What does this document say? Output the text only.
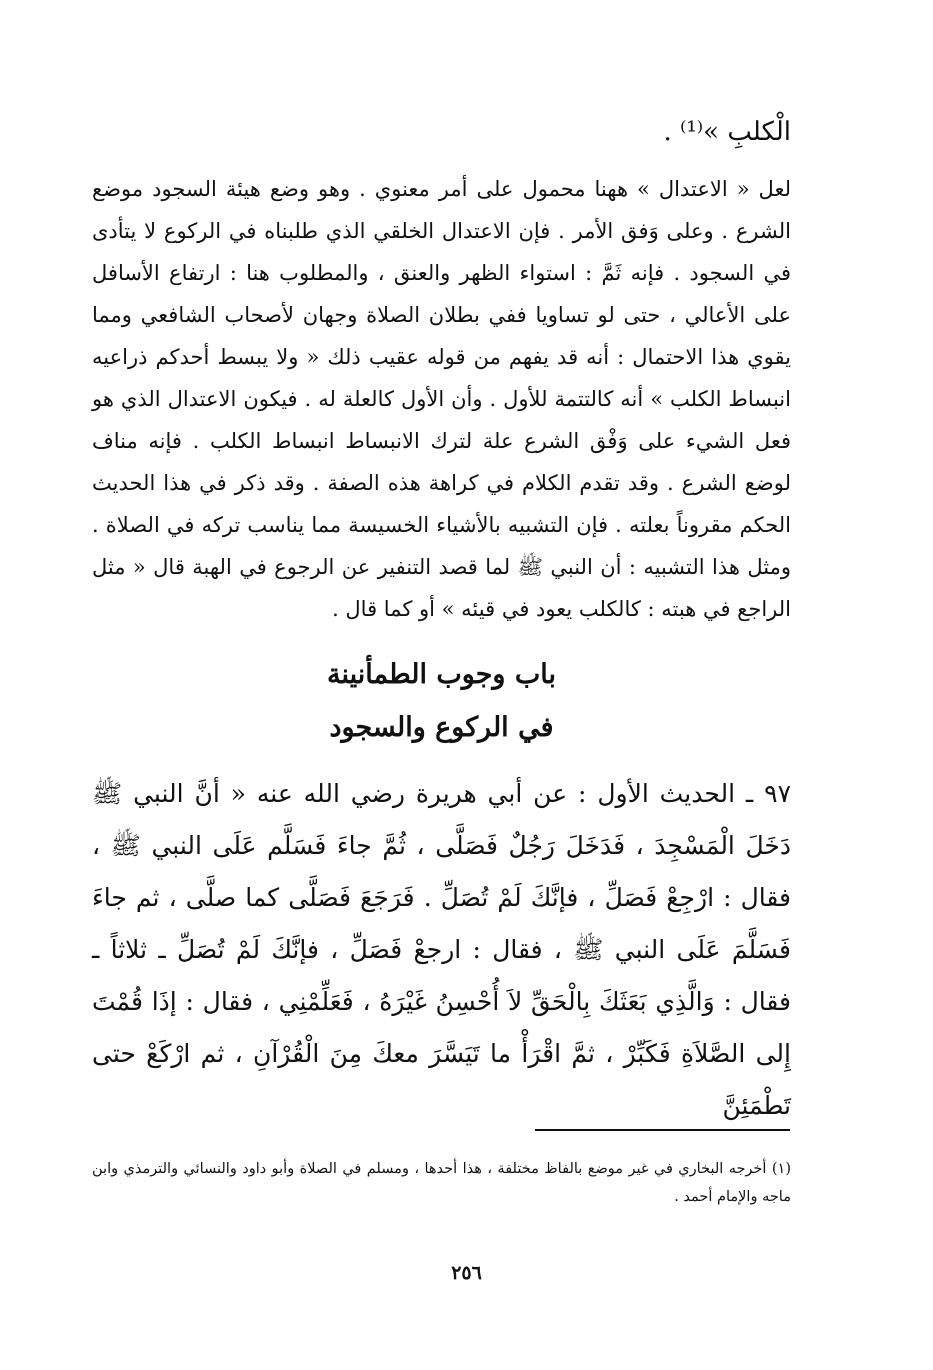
الْكلبِ »⁽¹⁾ .

لعل « الاعتدال » ههنا محمول على أمر معنوي . وهو وضع هيئة السجود موضع الشرع . وعلى وَفق الأمر . فإن الاعتدال الخلقي الذي طلبناه في الركوع لا يتأدى في السجود . فإنه ثَمَّ : استواء الظهر والعنق ، والمطلوب هنا : ارتفاع الأسافل على الأعالي ، حتى لو تساويا ففي بطلان الصلاة وجهان لأصحاب الشافعي ومما يقوي هذا الاحتمال : أنه قد يفهم من قوله عقيب ذلك « ولا يبسط أحدكم ذراعيه انبساط الكلب » أنه كالتتمة للأول . وأن الأول كالعلة له . فيكون الاعتدال الذي هو فعل الشيء على وَفْق الشرع علة لترك الانبساط انبساط الكلب . فإنه مناف لوضع الشرع . وقد تقدم الكلام في كراهة هذه الصفة . وقد ذكر في هذا الحديث الحكم مقروناً بعلته . فإن التشبيه بالأشياء الخسيسة مما يناسب تركه في الصلاة . ومثل هذا التشبيه : أن النبي ﷺ لما قصد التنفير عن الرجوع في الهبة قال « مثل الراجع في هبته : كالكلب يعود في قيئه » أو كما قال .

باب وجوب الطمأنينة
في الركوع والسجود

٩٧ ـ الحديث الأول : عن أبي هريرة رضي الله عنه « أنَّ النبي ﷺ دَخَلَ الْمَسْجِدَ ، فَدَخَلَ رَجُلٌ فَصَلَّى ، ثُمَّ جاءَ فَسَلَّم عَلَى النبي ﷺ ، فقال : ارْجِعْ فَصَلِّ ، فإنَّكَ لَمْ تُصَلِّ . فَرَجَعَ فَصَلَّى كما صلَّى ، ثم جاءَ فَسَلَّمَ عَلَى النبي ﷺ ، فقال : ارجعْ فَصَلِّ ، فإنَّكَ لَمْ تُصَلِّ ـ ثلاثاً ـ فقال : وَالَّذِي بَعَثَكَ بِالْحَقِّ لاَ أُحْسِنُ غَيْرَهُ ، فَعَلِّمْنِي ، فقال : إذَا قُمْتَ إِلى الصَّلاَةِ فَكَبِّرْ ، ثمَّ اقْرَأْ ما تَيَسَّرَ معكَ مِنَ الْقُرْآنِ ، ثم ارْكَعْ حتى تَطْمَئِنَّ

(١) أخرجه البخاري في غير موضع بالفاظ مختلفة ، هذا أحدها ، ومسلم في الصلاة وأبو داود والنسائي والترمذي وابن ماجه والإمام أحمد .
٢٥٦
